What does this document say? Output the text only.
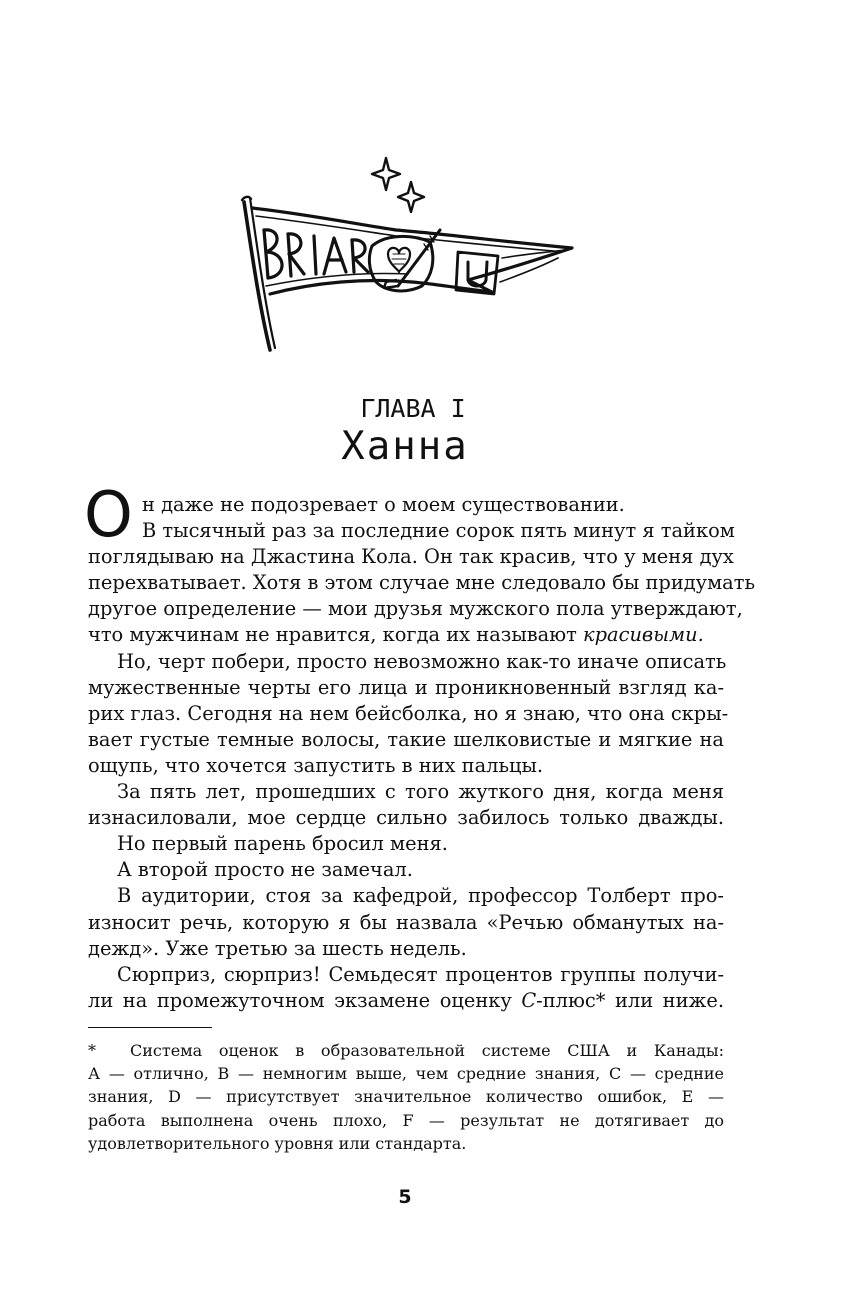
ГЛАВА I
Ханна
О н даже не подозревает о моем существовании.
В тысячный раз за последние сорок пять минут я тайком
поглядываю на Джастина Кола. Он так красив, что у меня дух
перехватывает. Хотя в этом случае мне следовало бы придумать
другое определение — мои друзья мужского пола утверждают,
что мужчинам не нравится, когда их называют красивыми.
Но, черт побери, просто невозможно как-то иначе описать
мужественные черты его лица и проникновенный взгляд ка-
рих глаз. Сегодня на нем бейсболка, но я знаю, что она скры-
вает густые темные волосы, такие шелковистые и мягкие на
ощупь, что хочется запустить в них пальцы.
За пять лет, прошедших с того жуткого дня, когда меня
изнасиловали, мое сердце сильно забилось только дважды.
Но первый парень бросил меня.
А второй просто не замечал.
В аудитории, стоя за кафедрой, профессор Толберт про-
износит речь, которую я бы назвала «Речью обманутых на-
дежд». Уже третью за шесть недель.
Сюрприз, сюрприз! Семьдесят процентов группы получи-
ли на промежуточном экзамене оценку С-плюс* или ниже.
* Система оценок в образовательной системе США и Канады:
А — отлично, В — немногим выше, чем средние знания, С — средние
знания, D — присутствует значительное количество ошибок, E —
работа выполнена очень плохо, F — результат не дотягивает до
удовлетворительного уровня или стандарта.
5
